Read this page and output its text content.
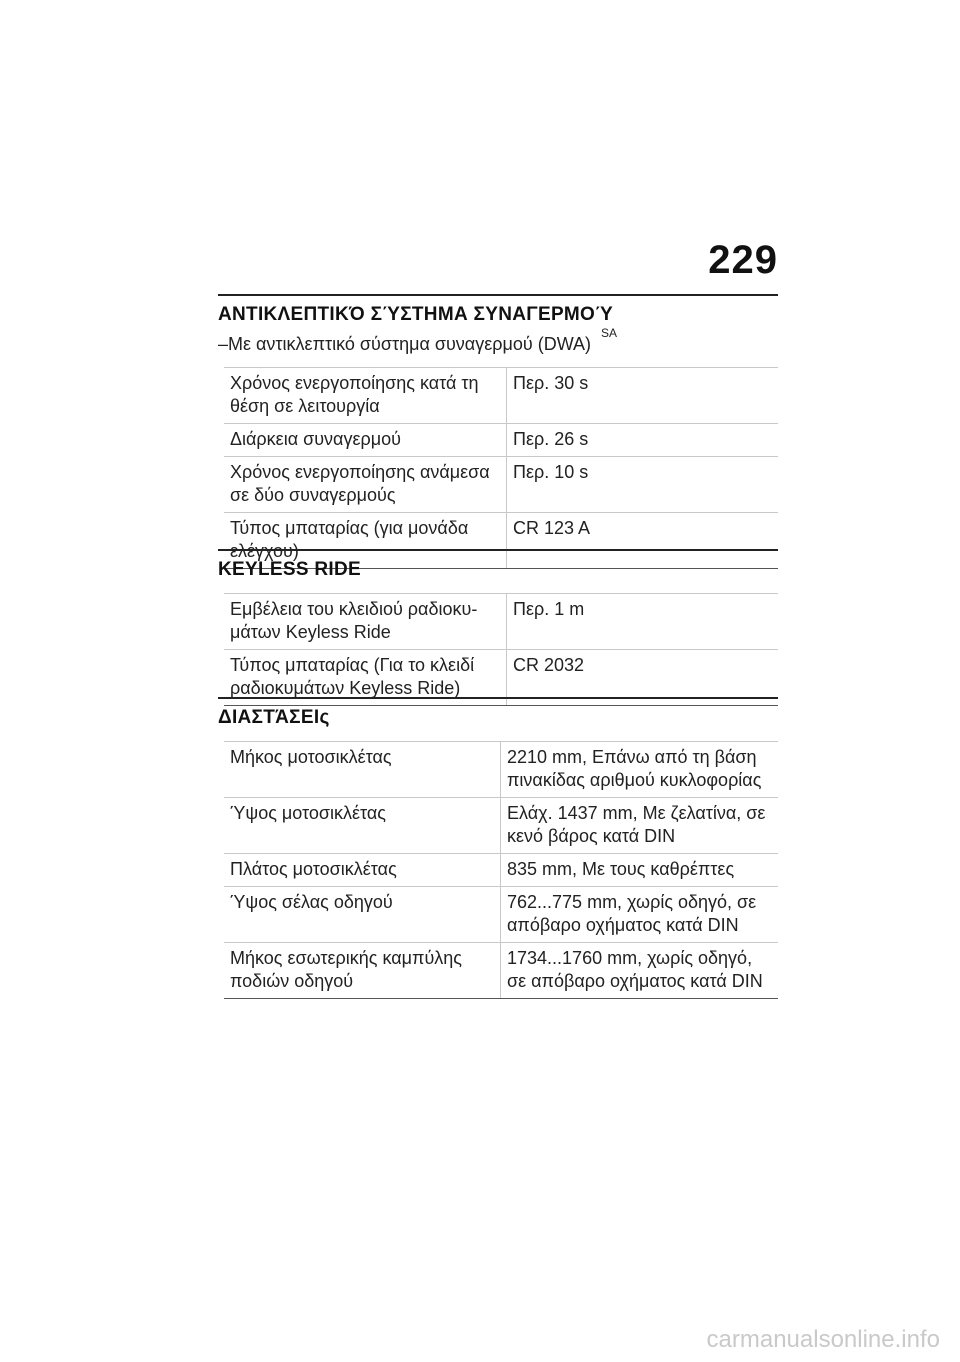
229
ΑΝΤΙΚΛΕΠΤΙΚΌ ΣΎΣΤΗΜΑ ΣΥΝΑΓΕΡΜΟΎ
–Με αντικλεπτικό σύστημα συναγερμού (DWA)$^{SA}$
Χρόνος ενεργοποίησης κατά τη θέση σε λειτουργία	Περ. 30 s
Διάρκεια συναγερμού	Περ. 26 s
Χρόνος ενεργοποίησης ανάμεσα σε δύο συναγερμούς	Περ. 10 s
Τύπος μπαταρίας (για μονάδα ελέγχου)	CR 123 A
KEYLESS RIDE
Εμβέλεια του κλειδιού ραδιοκυ-μάτων Keyless Ride	Περ. 1 m
Τύπος μπαταρίας (Για το κλειδί ραδιοκυμάτων Keyless Ride)	CR 2032
ΔΙΑΣΤΆΣΕΙς
Μήκος μοτοσικλέτας	2210 mm, Επάνω από τη βάση πινακίδας αριθμού κυκλοφορίας
Ύψος μοτοσικλέτας	Ελάχ. 1437 mm, Με ζελατίνα, σε κενό βάρος κατά DIN
Πλάτος μοτοσικλέτας	835 mm, Με τους καθρέπτες
Ύψος σέλας οδηγού	762...775 mm, χωρίς οδηγό, σε απόβαρο οχήματος κατά DIN
Μήκος εσωτερικής καμπύλης ποδιών οδηγού	1734...1760 mm, χωρίς οδηγό, σε απόβαρο οχήματος κατά DIN
carmanualsonline.info
